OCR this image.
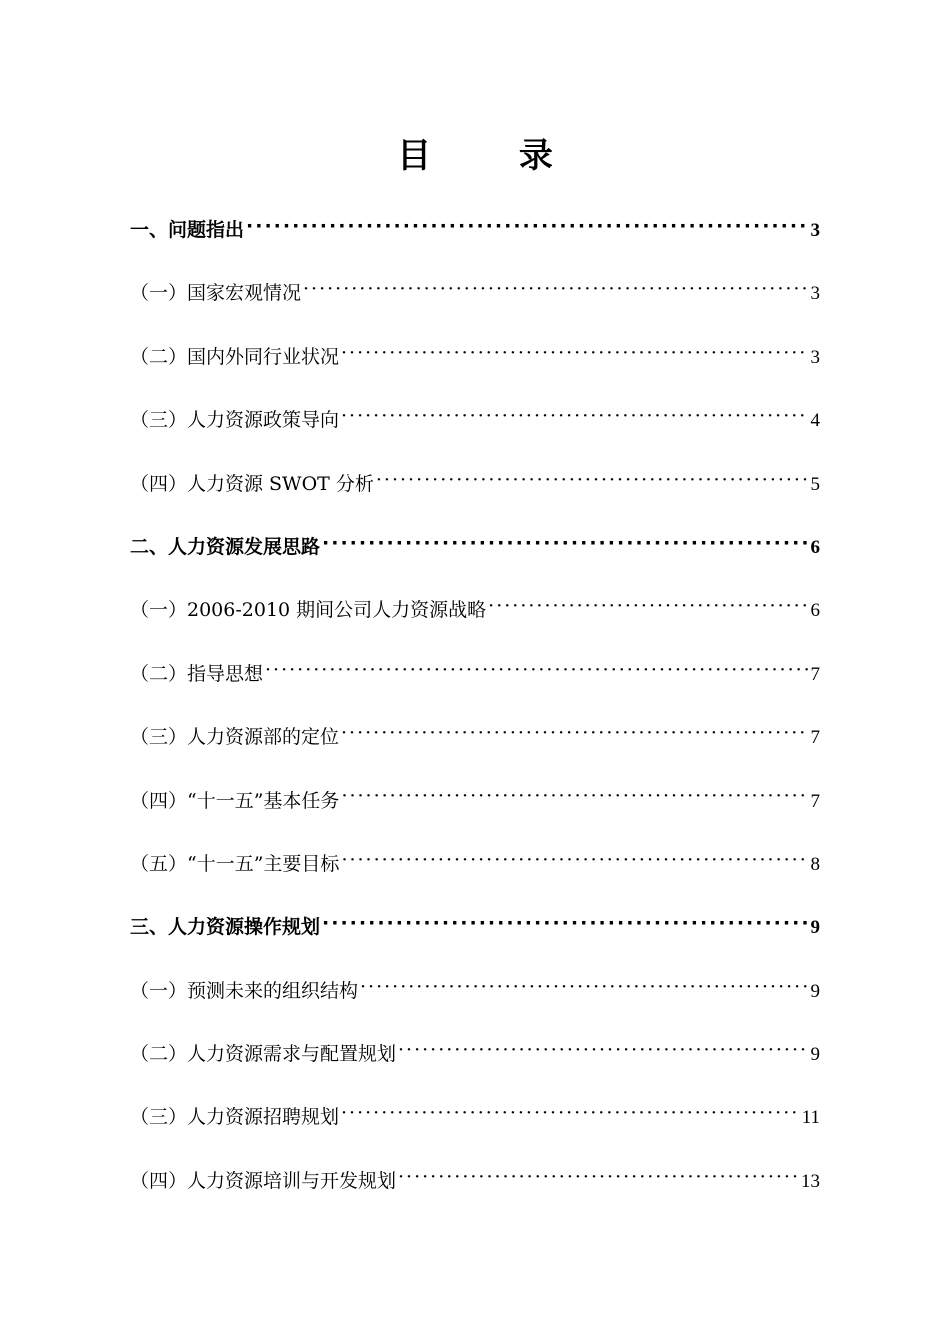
目 录
一、问题指出 ·····	3
（一）国家宏观情况 ·····	3
（二）国内外同行业状况 ·····	3
（三）人力资源政策导向 ·····	4
（四）人力资源 SWOT 分析 ·····	5
二、人力资源发展思路 ·····	6
（一）2006-2010 期间公司人力资源战略 ·····	6
（二）指导思想 ·····	7
（三）人力资源部的定位 ·····	7
（四）“十一五”基本任务 ·····	7
（五）“十一五”主要目标 ·····	8
三、人力资源操作规划 ·····	9
（一）预测未来的组织结构 ·····	9
（二）人力资源需求与配置规划 ·····	9
（三）人力资源招聘规划 ·····	11
（四）人力资源培训与开发规划 ·····	13
